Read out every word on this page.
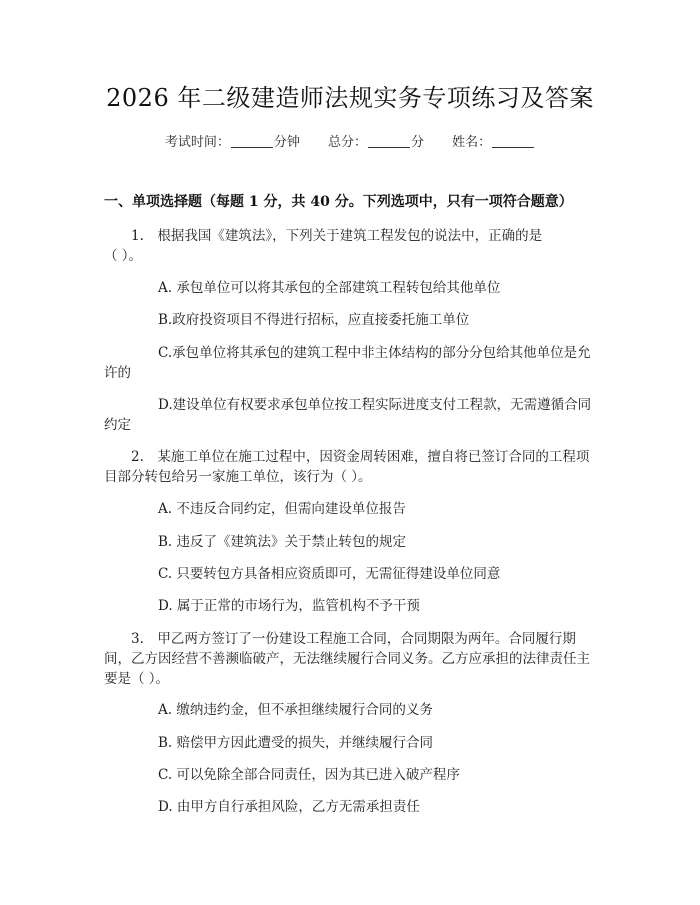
2026 年二级建造师法规实务专项练习及答案
考试时间：	分钟 总分：	分 姓名：
一、单项选择题（每题 1 分，共 40 分。下列选项中，只有一项符合题意）
1.　根据我国《建筑法》，下列关于建筑工程发包的说法中，正确的是
（ ）。
A. 承包单位可以将其承包的全部建筑工程转包给其他单位
B.政府投资项目不得进行招标，应直接委托施工单位
C.承包单位将其承包的建筑工程中非主体结构的部分分包给其他单位是允
许的
D.建设单位有权要求承包单位按工程实际进度支付工程款，无需遵循合同
约定
2.　某施工单位在施工过程中，因资金周转困难，擅自将已签订合同的工程项
目部分转包给另一家施工单位，该行为（ ）。
A. 不违反合同约定，但需向建设单位报告
B. 违反了《建筑法》关于禁止转包的规定
C. 只要转包方具备相应资质即可，无需征得建设单位同意
D. 属于正常的市场行为，监管机构不予干预
3.　甲乙两方签订了一份建设工程施工合同，合同期限为两年。合同履行期
间，乙方因经营不善濒临破产，无法继续履行合同义务。乙方应承担的法律责任主
要是（ ）。
A. 缴纳违约金，但不承担继续履行合同的义务
B. 赔偿甲方因此遭受的损失，并继续履行合同
C. 可以免除全部合同责任，因为其已进入破产程序
D. 由甲方自行承担风险，乙方无需承担责任
